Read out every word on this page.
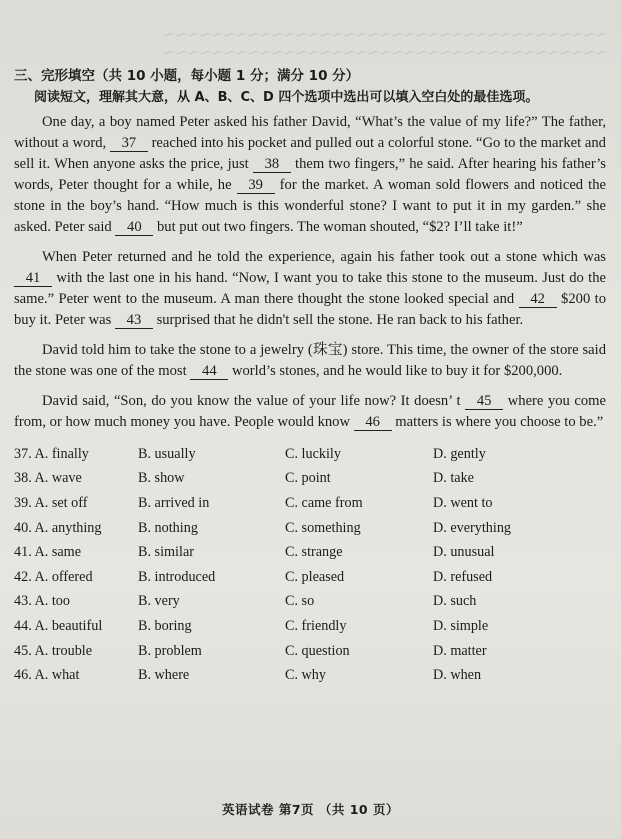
～～～～～～～～～～～～～～～～～～～～～～～～～～～～～～～～～～～～～
～～～～～～～～～～～～～～～～～～～～～～～～～～～～～～～～～～～～～
三、完形填空（共 10 小题，每小题 1 分；满分 10 分）
阅读短文，理解其大意，从 A、B、C、D 四个选项中选出可以填入空白处的最佳选项。
One day, a boy named Peter asked his father David, “What’s the value of my life?” The father, without a word, 37 reached into his pocket and pulled out a colorful stone. “Go to the market and sell it. When anyone asks the price, just 38 them two fingers,” he said. After hearing his father’s words, Peter thought for a while, he 39 for the market. A woman sold flowers and noticed the stone in the boy’s hand. “How much is this wonderful stone? I want to put it in my garden.” she asked. Peter said 40 but put out two fingers. The woman shouted, “$2? I’ll take it!”
When Peter returned and he told the experience, again his father took out a stone which was 41 with the last one in his hand. “Now, I want you to take this stone to the museum. Just do the same.” Peter went to the museum. A man there thought the stone looked special and 42 $200 to buy it. Peter was 43 surprised that he didn't sell the stone. He ran back to his father.
David told him to take the stone to a jewelry (珠宝) store. This time, the owner of the store said the stone was one of the most 44 world’s stones, and he would like to buy it for $200,000.
David said, “Son, do you know the value of your life now? It doesn’ t 45 where you come from, or how much money you have. People would know 46 matters is where you choose to be.”
37. A. finally	B. usually	C. luckily	D. gently
38. A. wave	B. show	C. point	D. take
39. A. set off	B. arrived in	C. came from	D. went to
40. A. anything	B. nothing	C. something	D. everything
41. A. same	B. similar	C. strange	D. unusual
42. A. offered	B. introduced	C. pleased	D. refused
43. A. too	B. very	C. so	D. such
44. A. beautiful	B. boring	C. friendly	D. simple
45. A. trouble	B. problem	C. question	D. matter
46. A. what	B. where	C. why	D. when
英语试卷 第7页 （共 10 页）
